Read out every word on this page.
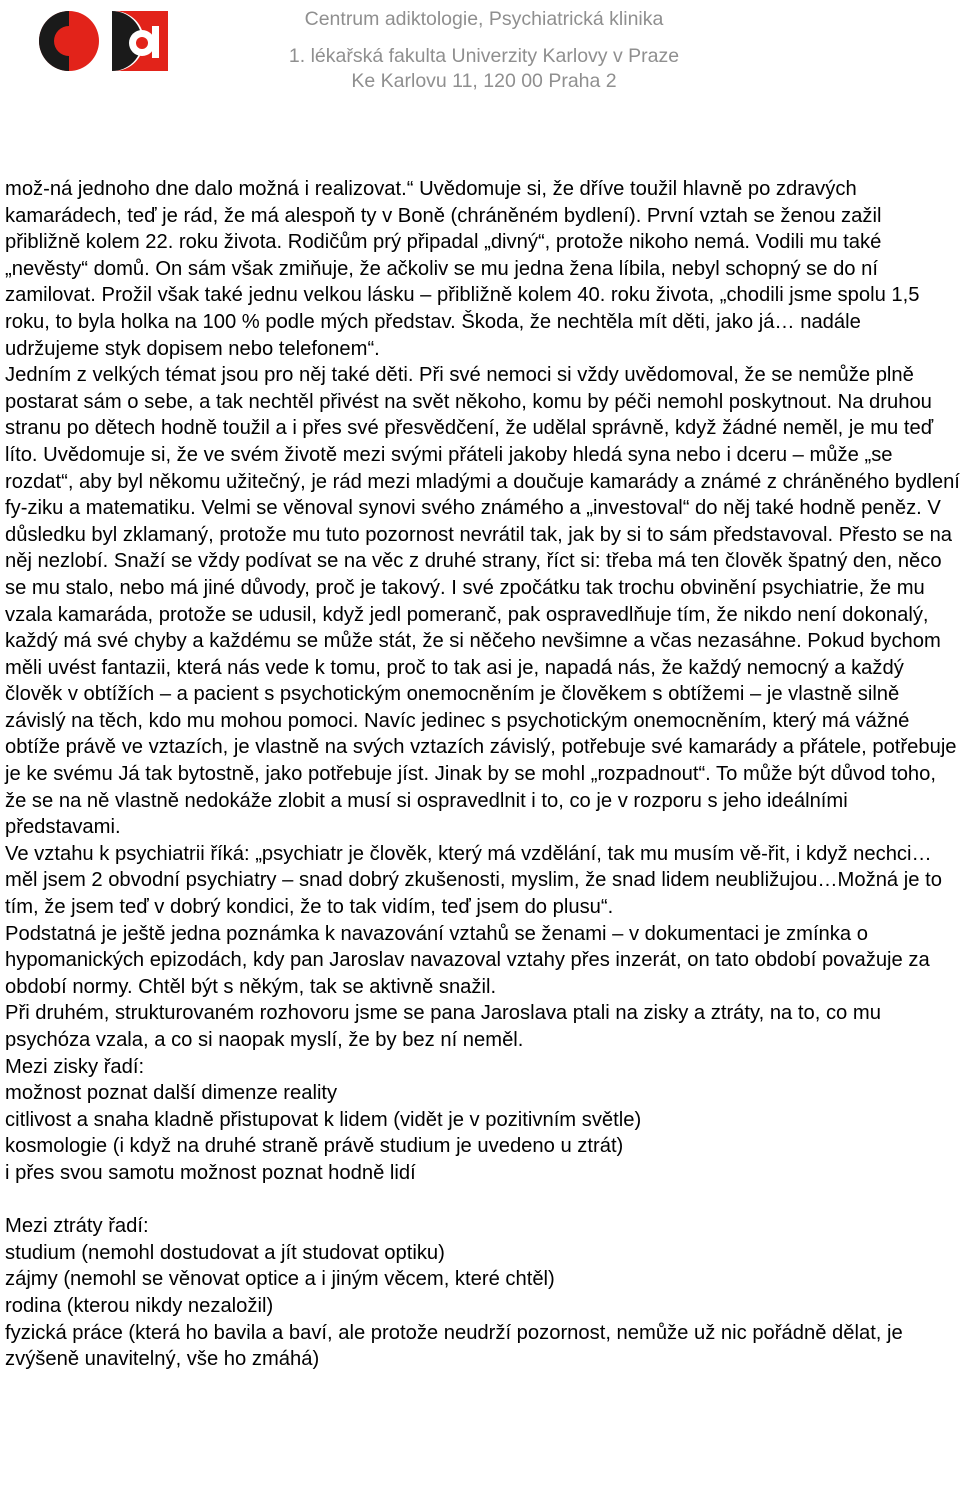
Centrum adiktologie, Psychiatrická klinika
1. lékařská fakulta Univerzity Karlovy v Praze
Ke Karlovu 11, 120 00 Praha 2

mož-ná jednoho dne dalo možná i realizovat.“ Uvědomuje si, že dříve toužil hlavně po zdravých kamarádech, teď je rád, že má alespoň ty v Boně (chráněném bydlení). První vztah se ženou zažil přibližně kolem 22. roku života. Rodičům prý připadal „divný“, protože nikoho nemá. Vodili mu také „nevěsty“ domů. On sám však zmiňuje, že ačkoliv se mu jedna žena líbila, nebyl schopný se do ní zamilovat. Prožil však také jednu velkou lásku – přibližně kolem 40. roku života, „chodili jsme spolu 1,5 roku, to byla holka na 100 % podle mých představ. Škoda, že nechtěla mít děti, jako já… nadále udržujeme styk dopisem nebo telefonem“.

Jedním z velkých témat jsou pro něj také děti. Při své nemoci si vždy uvědomoval, že se nemůže plně postarat sám o sebe, a tak nechtěl přivést na svět někoho, komu by péči nemohl poskytnout. Na druhou stranu po dětech hodně toužil a i přes své přesvědčení, že udělal správně, když žádné neměl, je mu teď líto. Uvědomuje si, že ve svém životě mezi svými přáteli jakoby hledá syna nebo i dceru – může „se rozdat“, aby byl někomu užitečný, je rád mezi mladými a doučuje kamarády a známé z chráněného bydlení fy-ziku a matematiku. Velmi se věnoval synovi svého známého a „investoval“ do něj také hodně peněz. V důsledku byl zklamaný, protože mu tuto pozornost nevrátil tak, jak by si to sám představoval. Přesto se na něj nezlobí. Snaží se vždy podívat se na věc z druhé strany, říct si: třeba má ten člověk špatný den, něco se mu stalo, nebo má jiné důvody, proč je takový. I své zpočátku tak trochu obvinění psychiatrie, že mu vzala kamaráda, protože se udusil, když jedl pomeranč, pak ospravedlňuje tím, že nikdo není dokonalý, každý má své chyby a každému se může stát, že si něčeho nevšimne a včas nezasáhne. Pokud bychom měli uvést fantazii, která nás vede k tomu, proč to tak asi je, napadá nás, že každý nemocný a každý člověk v obtížích – a pacient s psychotickým onemocněním je člověkem s obtížemi – je vlastně silně závislý na těch, kdo mu mohou pomoci. Navíc jedinec s psychotickým onemocněním, který má vážné obtíže právě ve vztazích, je vlastně na svých vztazích závislý, potřebuje své kamarády a přátele, potřebuje je ke svému Já tak bytostně, jako potřebuje jíst. Jinak by se mohl „rozpadnout“. To může být důvod toho, že se na ně vlastně nedokáže zlobit a musí si ospravedlnit i to, co je v rozporu s jeho ideálními představami.

Ve vztahu k psychiatrii říká: „psychiatr je člověk, který má vzdělání, tak mu musím vě-řit, i když nechci… měl jsem 2 obvodní psychiatry – snad dobrý zkušenosti, myslim, že snad lidem neubližujou…Možná je to tím, že jsem teď v dobrý kondici, že to tak vidím, teď jsem do plusu“.

Podstatná je ještě jedna poznámka k navazování vztahů se ženami – v dokumentaci je zmínka o hypomanických epizodách, kdy pan Jaroslav navazoval vztahy přes inzerát, on tato období považuje za období normy. Chtěl být s někým, tak se aktivně snažil.

Při druhém, strukturovaném rozhovoru jsme se pana Jaroslava ptali na zisky a ztráty, na to, co mu psychóza vzala, a co si naopak myslí, že by bez ní neměl.

Mezi zisky řadí:

možnost poznat další dimenze reality

citlivost a snaha kladně přistupovat k lidem (vidět je v pozitivním světle)

kosmologie (i když na druhé straně právě studium je uvedeno u ztrát)

i přes svou samotu možnost poznat hodně lidí

Mezi ztráty řadí:

studium (nemohl dostudovat a jít studovat optiku)

zájmy (nemohl se věnovat optice a i jiným věcem, které chtěl)

rodina (kterou nikdy nezaložil)

fyzická práce (která ho bavila a baví, ale protože neudrží pozornost, nemůže už nic pořádně dělat, je zvýšeně unavitelný, vše ho zmáhá)
